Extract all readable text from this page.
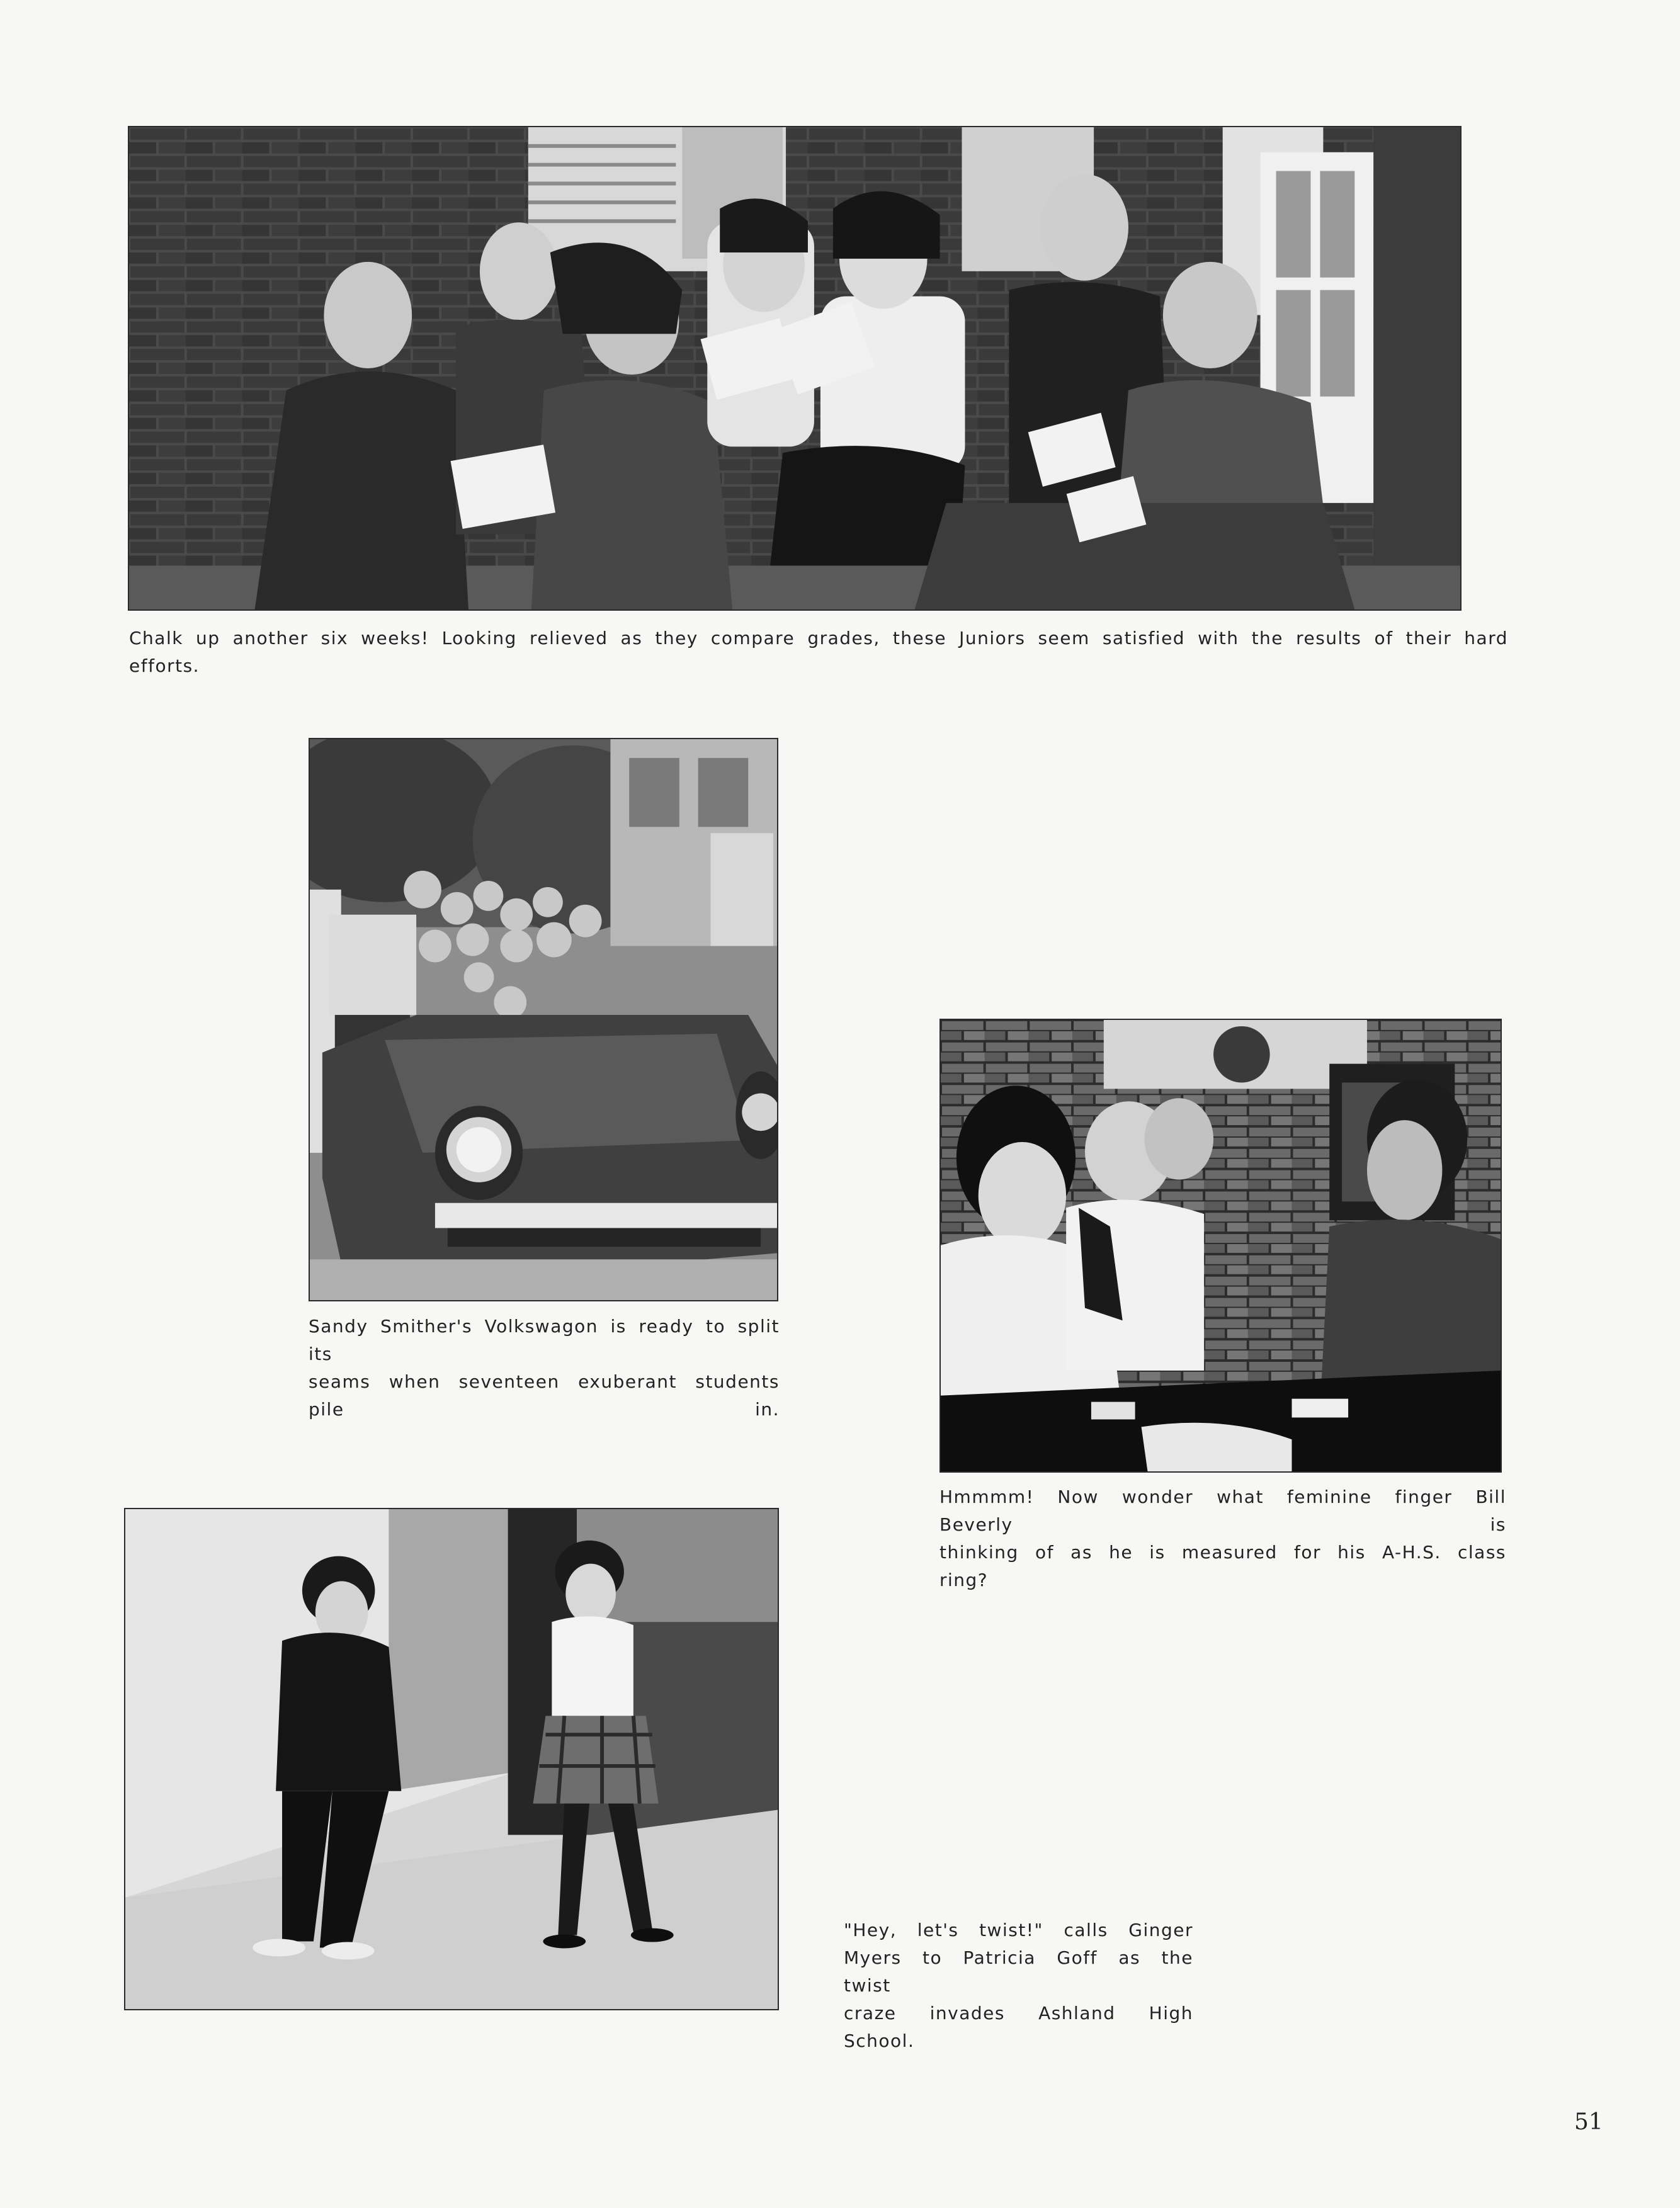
Chalk up another six weeks! Looking relieved as they compare grades, these Juniors seem satisfied with the results of their hard efforts.
Sandy Smither's Volkswagon is ready to split its
seams when seventeen exuberant students pile in.
Hmmmm! Now wonder what feminine finger Bill Beverly is
thinking of as he is measured for his A-H.S. class ring?
"Hey, let's twist!" calls Ginger
Myers to Patricia Goff as the twist
craze invades Ashland High School.
51
